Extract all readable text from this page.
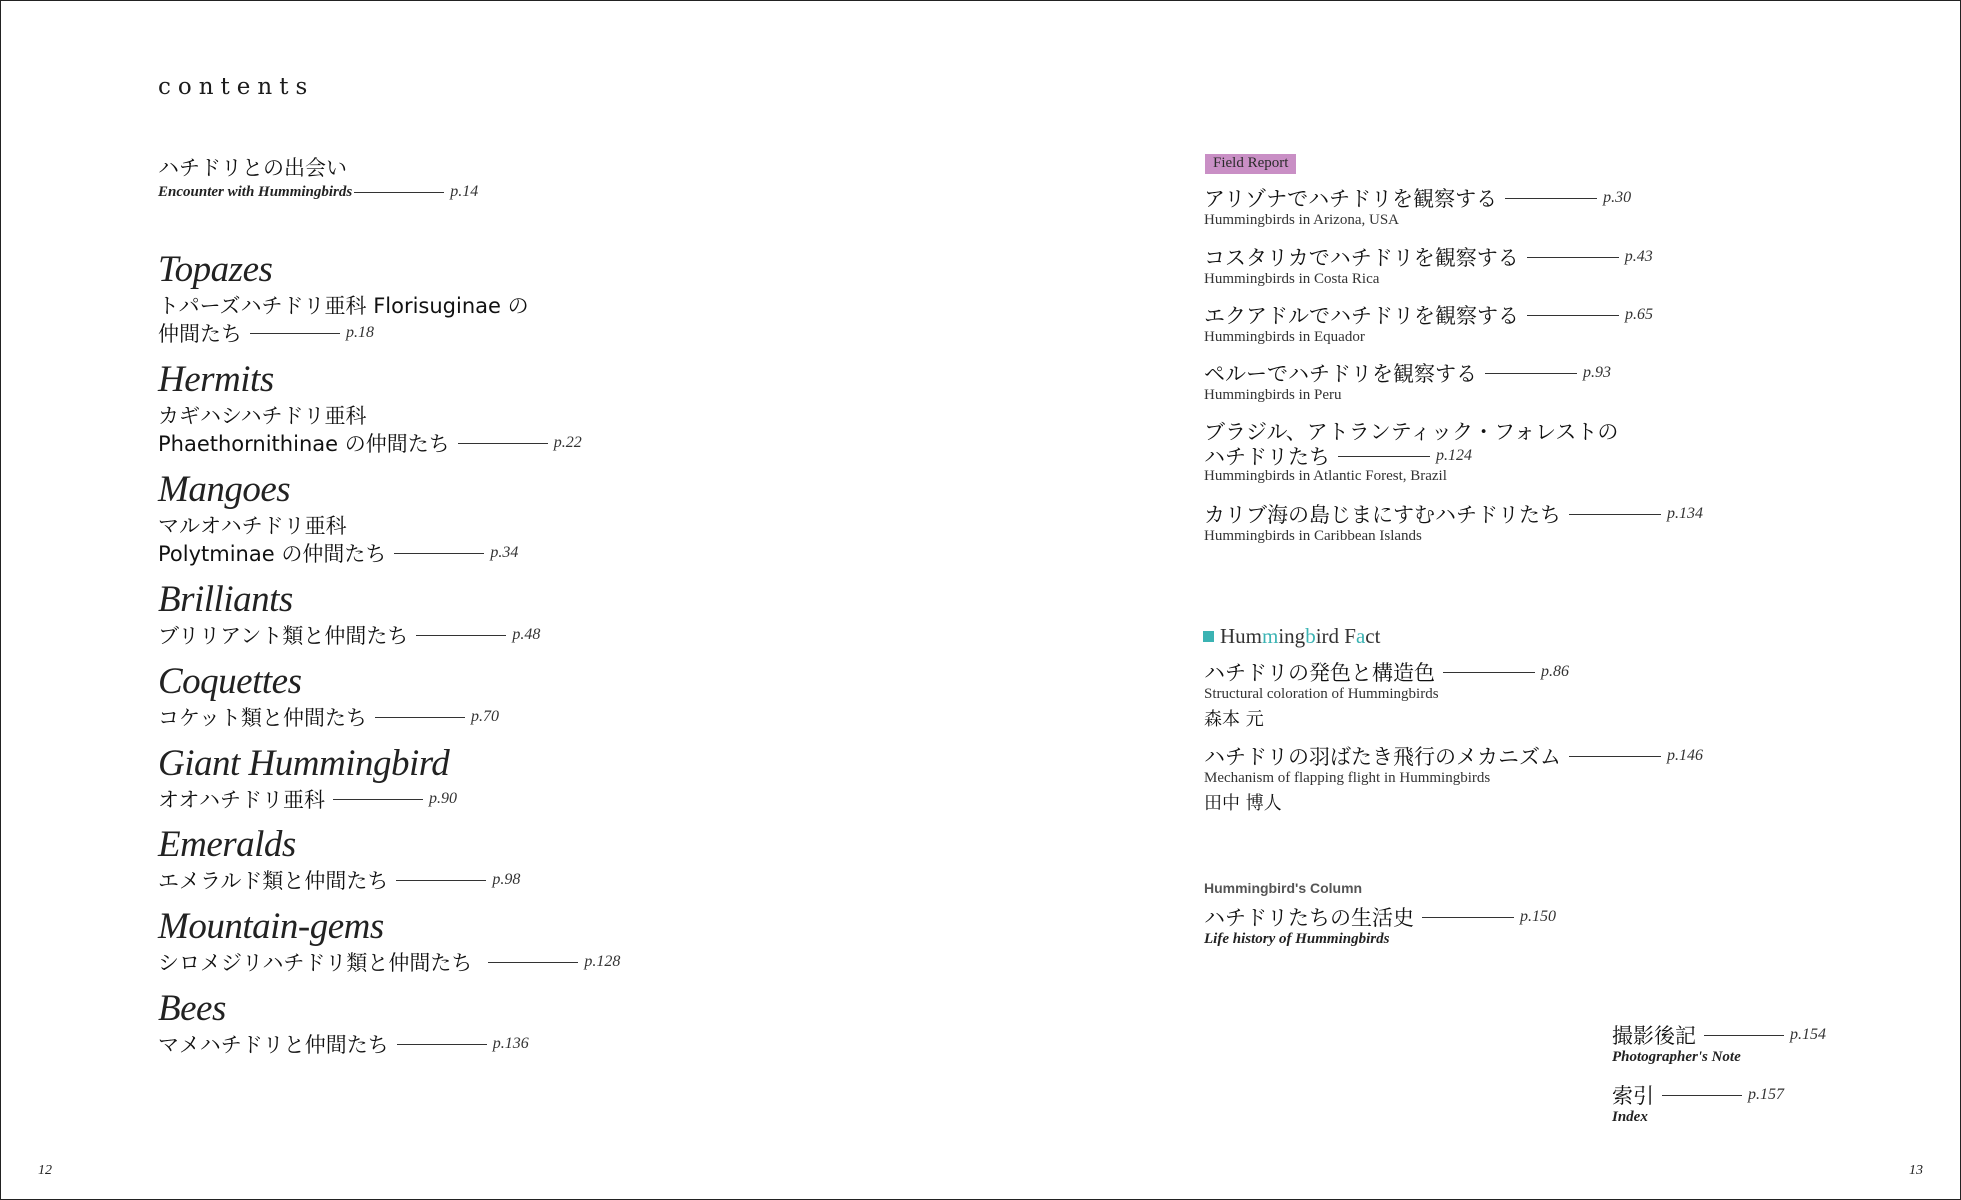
contents
ハチドリとの出会い
Encounter with Hummingbirds	p.14
Topazes
トパーズハチドリ亜科 Florisuginae の
仲間たち	p.18
Hermits
カギハシハチドリ亜科
Phaethornithinae の仲間たち	p.22
Mangoes
マルオハチドリ亜科
Polytminae の仲間たち	p.34
Brilliants
ブリリアント類と仲間たち	p.48
Coquettes
コケット類と仲間たち	p.70
Giant Hummingbird
オオハチドリ亜科	p.90
Emeralds
エメラルド類と仲間たち	p.98
Mountain-gems
シロメジリハチドリ類と仲間たち	p.128
Bees
マメハチドリと仲間たち	p.136
12
Field Report
アリゾナでハチドリを観察する	p.30
Hummingbirds in Arizona, USA
コスタリカでハチドリを観察する	p.43
Hummingbirds in Costa Rica
エクアドルでハチドリを観察する	p.65
Hummingbirds in Equador
ペルーでハチドリを観察する	p.93
Hummingbirds in Peru
ブラジル、アトランティック・フォレストの
ハチドリたち	p.124
Hummingbirds in Atlantic Forest, Brazil
カリブ海の島じまにすむハチドリたち	p.134
Hummingbirds in Caribbean Islands
Hum m ing b ird F a ct
ハチドリの発色と構造色	p.86
Structural coloration of Hummingbirds
森本 元
ハチドリの羽ばたき飛行のメカニズム	p.146
Mechanism of flapping flight in Hummingbirds
田中 博人
Hummingbird's Column
ハチドリたちの生活史	p.150
Life history of Hummingbirds
撮影後記	p.154
Photographer's Note
索引	p.157
Index
13
